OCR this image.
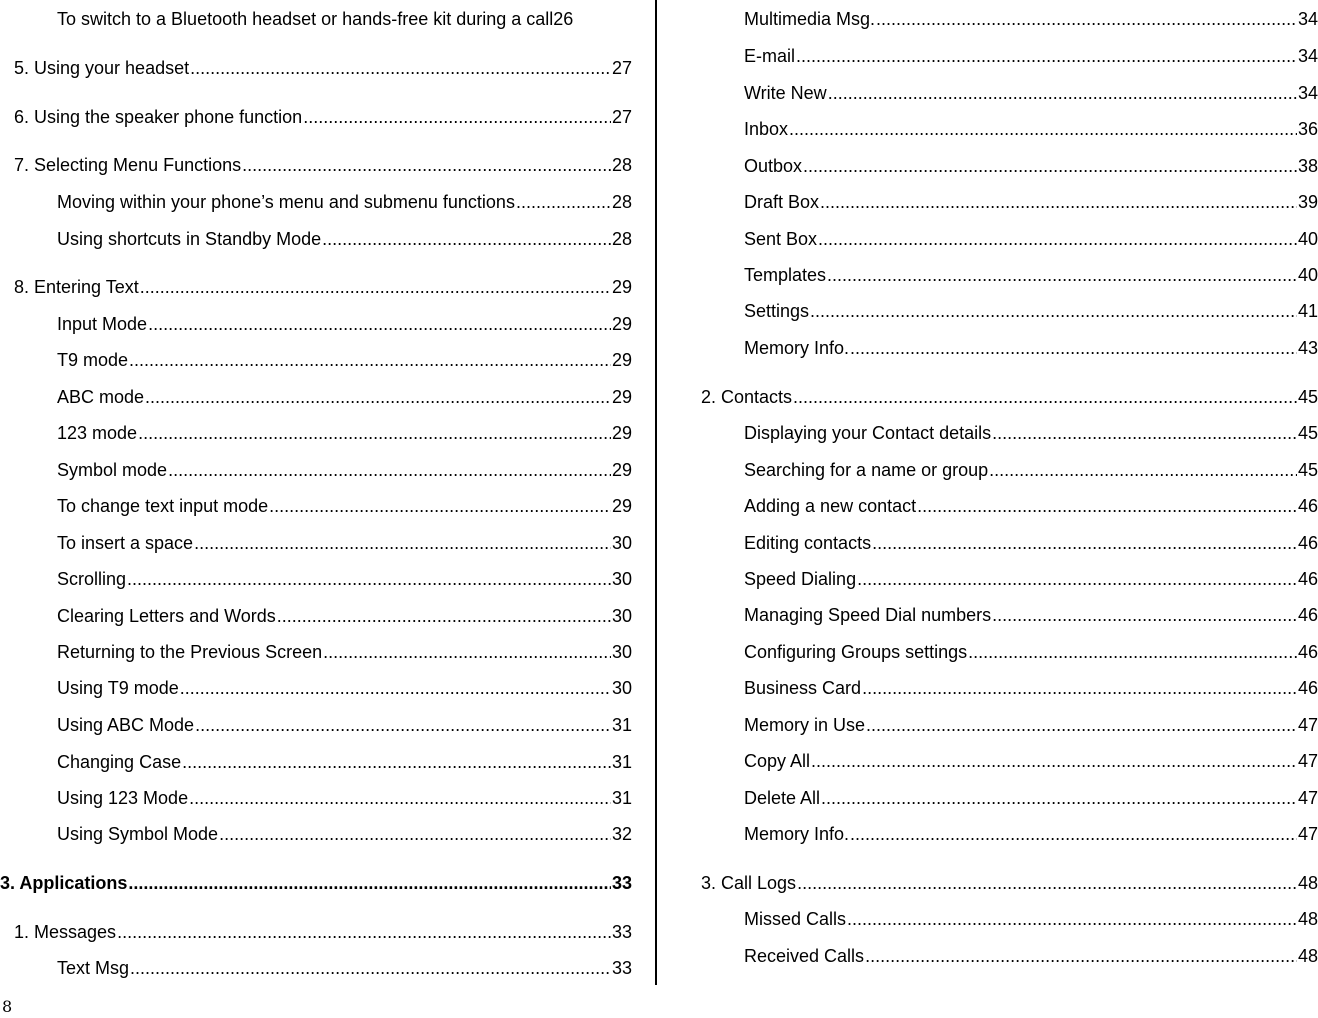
To switch to a Bluetooth headset or hands-free kit during a call 26
5. Using your headset .....	27
6. Using the speaker phone function .....	27
7. Selecting Menu Functions .....	28
Moving within your phone’s menu and submenu functions .....	28
Using shortcuts in Standby Mode .....	28
8. Entering Text .....	29
Input Mode .....	29
T9 mode .....	29
ABC mode .....	29
123 mode .....	29
Symbol mode .....	29
To change text input mode .....	29
To insert a space .....	30
Scrolling .....	30
Clearing Letters and Words .....	30
Returning to the Previous Screen .....	30
Using T9 mode .....	30
Using ABC Mode .....	31
Changing Case .....	31
Using 123 Mode .....	31
Using Symbol Mode .....	32
3. Applications .....	33
1. Messages .....	33
Text Msg .....	33
Multimedia Msg. .....	34
E-mail .....	34
Write New .....	34
Inbox .....	36
Outbox .....	38
Draft Box .....	39
Sent Box .....	40
Templates .....	40
Settings .....	41
Memory Info. .....	43
2. Contacts .....	45
Displaying your Contact details .....	45
Searching for a name or group .....	45
Adding a new contact .....	46
Editing contacts .....	46
Speed Dialing .....	46
Managing Speed Dial numbers .....	46
Configuring Groups settings .....	46
Business Card .....	46
Memory in Use .....	47
Copy All .....	47
Delete All .....	47
Memory Info. .....	47
3. Call Logs .....	48
Missed Calls .....	48
Received Calls .....	48
8
